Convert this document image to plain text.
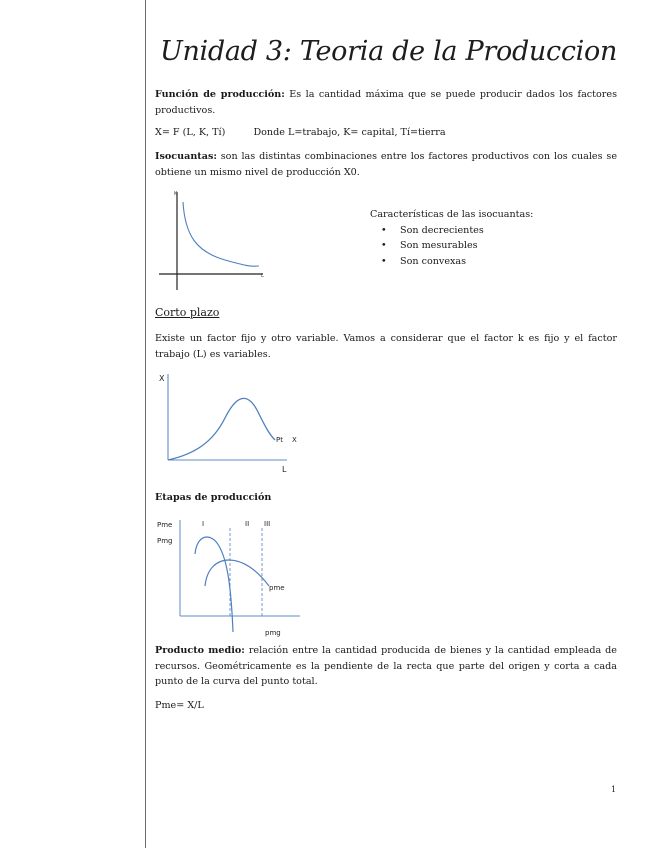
Unidad 3: Teoria de la Produccion
Función de producción: Es la cantidad máxima que se puede producir dados los factores productivos.
X= F (L, K, Tí)	Donde L=trabajo, K= capital, Tí=tierra
Isocuantas: son las distintas combinaciones entre los factores productivos con los cuales se obtiene un mismo nivel de producción X0.
K
L
Características de las isocuantas:
• Son decrecientes
• Son mesurables
• Son convexas
Corto plazo
Existe un factor fijo y otro variable. Vamos a considerar que el factor k es fijo y el factor trabajo (L) es variables.
X
L
Pt X
Etapas de producción
Pme
Pmg
I	II III
pme
pmg
Producto medio: relación entre la cantidad producida de bienes y la cantidad empleada de recursos. Geométricamente es la pendiente de la recta que parte del origen y corta a cada punto de la curva del punto total.
Pme= X/L
1
